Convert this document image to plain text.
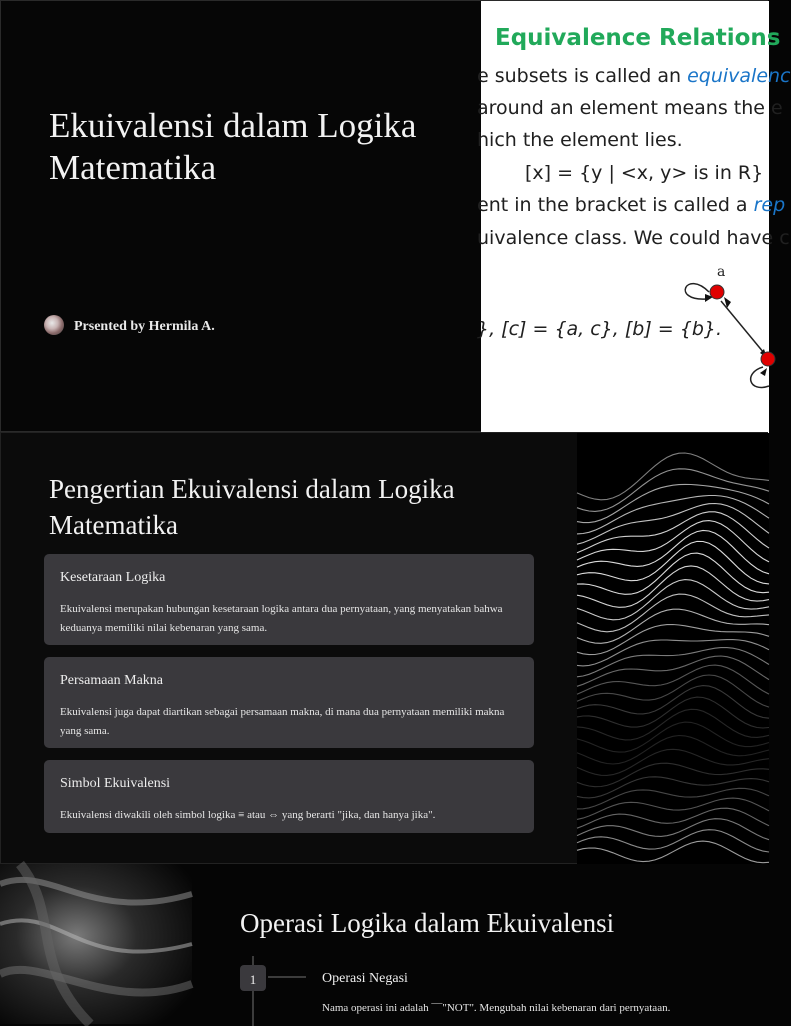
Ekuivalensi dalam Logika Matematika
Prsented by Hermila A.
Equivalence Relations
e subsets is called an equivalenc
around an element means the e
hich the element lies.
[x] = {y | <x, y> is in R}
ent in the bracket is called a rep
uivalence class. We could have c
}, [c] = {a, c}, [b] = {b}.
a
Pengertian Ekuivalensi dalam Logika Matematika
Kesetaraan Logika
Ekuivalensi merupakan hubungan kesetaraan logika antara dua pernyataan, yang menyatakan bahwa keduanya memiliki nilai kebenaran yang sama.
Persamaan Makna
Ekuivalensi juga dapat diartikan sebagai persamaan makna, di mana dua pernyataan memiliki makna yang sama.
Simbol Ekuivalensi
Ekuivalensi diwakili oleh simbol logika ≡ atau ⇔ yang berarti "jika, dan hanya jika".
Operasi Logika dalam Ekuivalensi
1	Operasi Negasi
Nama operasi ini adalah ¯¯"NOT". Mengubah nilai kebenaran dari pernyataan.
